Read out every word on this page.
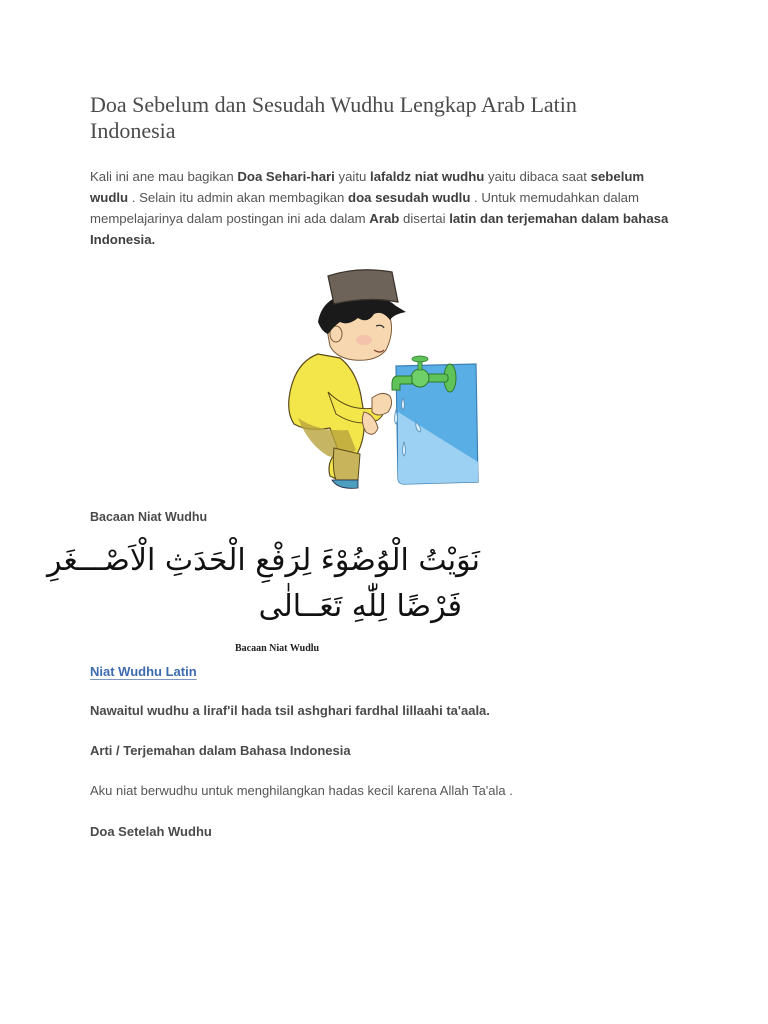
Doa Sebelum dan Sesudah Wudhu Lengkap Arab Latin Indonesia

Kali ini ane mau bagikan Doa Sehari-hari yaitu lafaldz niat wudhu yaitu dibaca saat sebelum wudlu . Selain itu admin akan membagikan doa sesudah wudlu . Untuk memudahkan dalam mempelajarinya dalam postingan ini ada dalam Arab disertai latin dan terjemahan dalam bahasa Indonesia.

Bacaan Niat Wudhu

نَوَيْتُ الْوُضُوْءَ لِرَفْعِ الْحَدَثِ الْاَصْـــغَرِ
فَرْضًا لِلّٰهِ تَعَــالٰى

Bacaan Niat Wudlu

Niat Wudhu Latin

Nawaitul wudhu a liraf'il hada tsil ashghari fardhal lillaahi ta'aala.

Arti / Terjemahan dalam Bahasa Indonesia

Aku niat berwudhu untuk menghilangkan hadas kecil karena Allah Ta'ala .

Doa Setelah Wudhu
